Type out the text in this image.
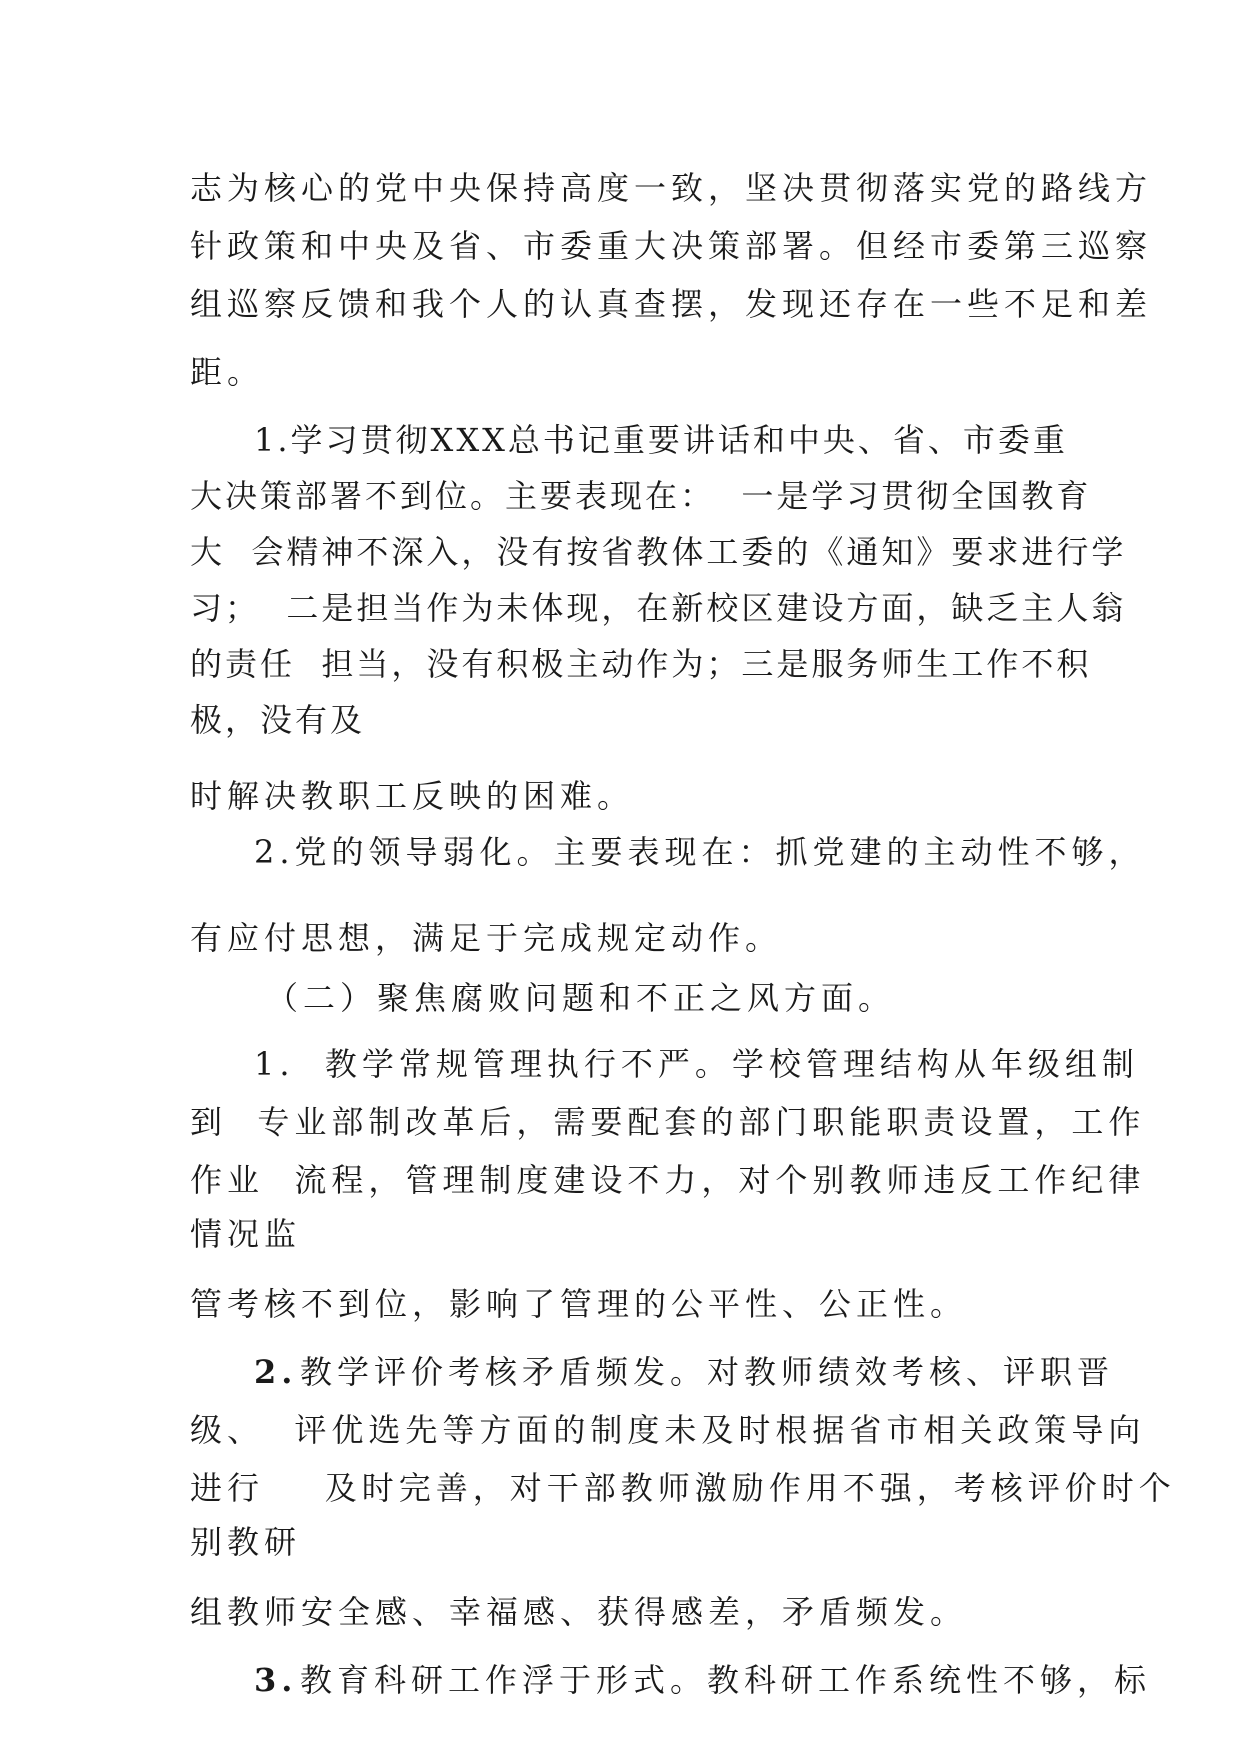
志为核心的党中央保持高度一致，坚决贯彻落实党的路线方
针政策和中央及省、市委重大决策部署。但经市委第三巡察
组巡察反馈和我个人的认真查摆，发现还存在一些不足和差
距。
1.学习贯彻XXX总书记重要讲话和中央、省、市委重
大决策部署不到位。主要表现在：  一是学习贯彻全国教育
大  会精神不深入，没有按省教体工委的《通知》要求进行学
习；  二是担当作为未体现，在新校区建设方面，缺乏主人翁
的责任  担当，没有积极主动作为；三是服务师生工作不积
极，没有及
时解决教职工反映的困难。
2.党的领导弱化。主要表现在：抓党建的主动性不够，
有应付思想，满足于完成规定动作。
（二）聚焦腐败问题和不正之风方面。
1.  教学常规管理执行不严。学校管理结构从年级组制
到  专业部制改革后，需要配套的部门职能职责设置，工作
作业  流程，管理制度建设不力，对个别教师违反工作纪律
情况监
管考核不到位，影响了管理的公平性、公正性。
2. 教学评价考核矛盾频发。对教师绩效考核、评职晋
级、  评优选先等方面的制度未及时根据省市相关政策导向
进行    及时完善，对干部教师激励作用不强，考核评价时个
别教研
组教师安全感、幸福感、获得感差，矛盾频发。
3. 教育科研工作浮于形式。教科研工作系统性不够，标
